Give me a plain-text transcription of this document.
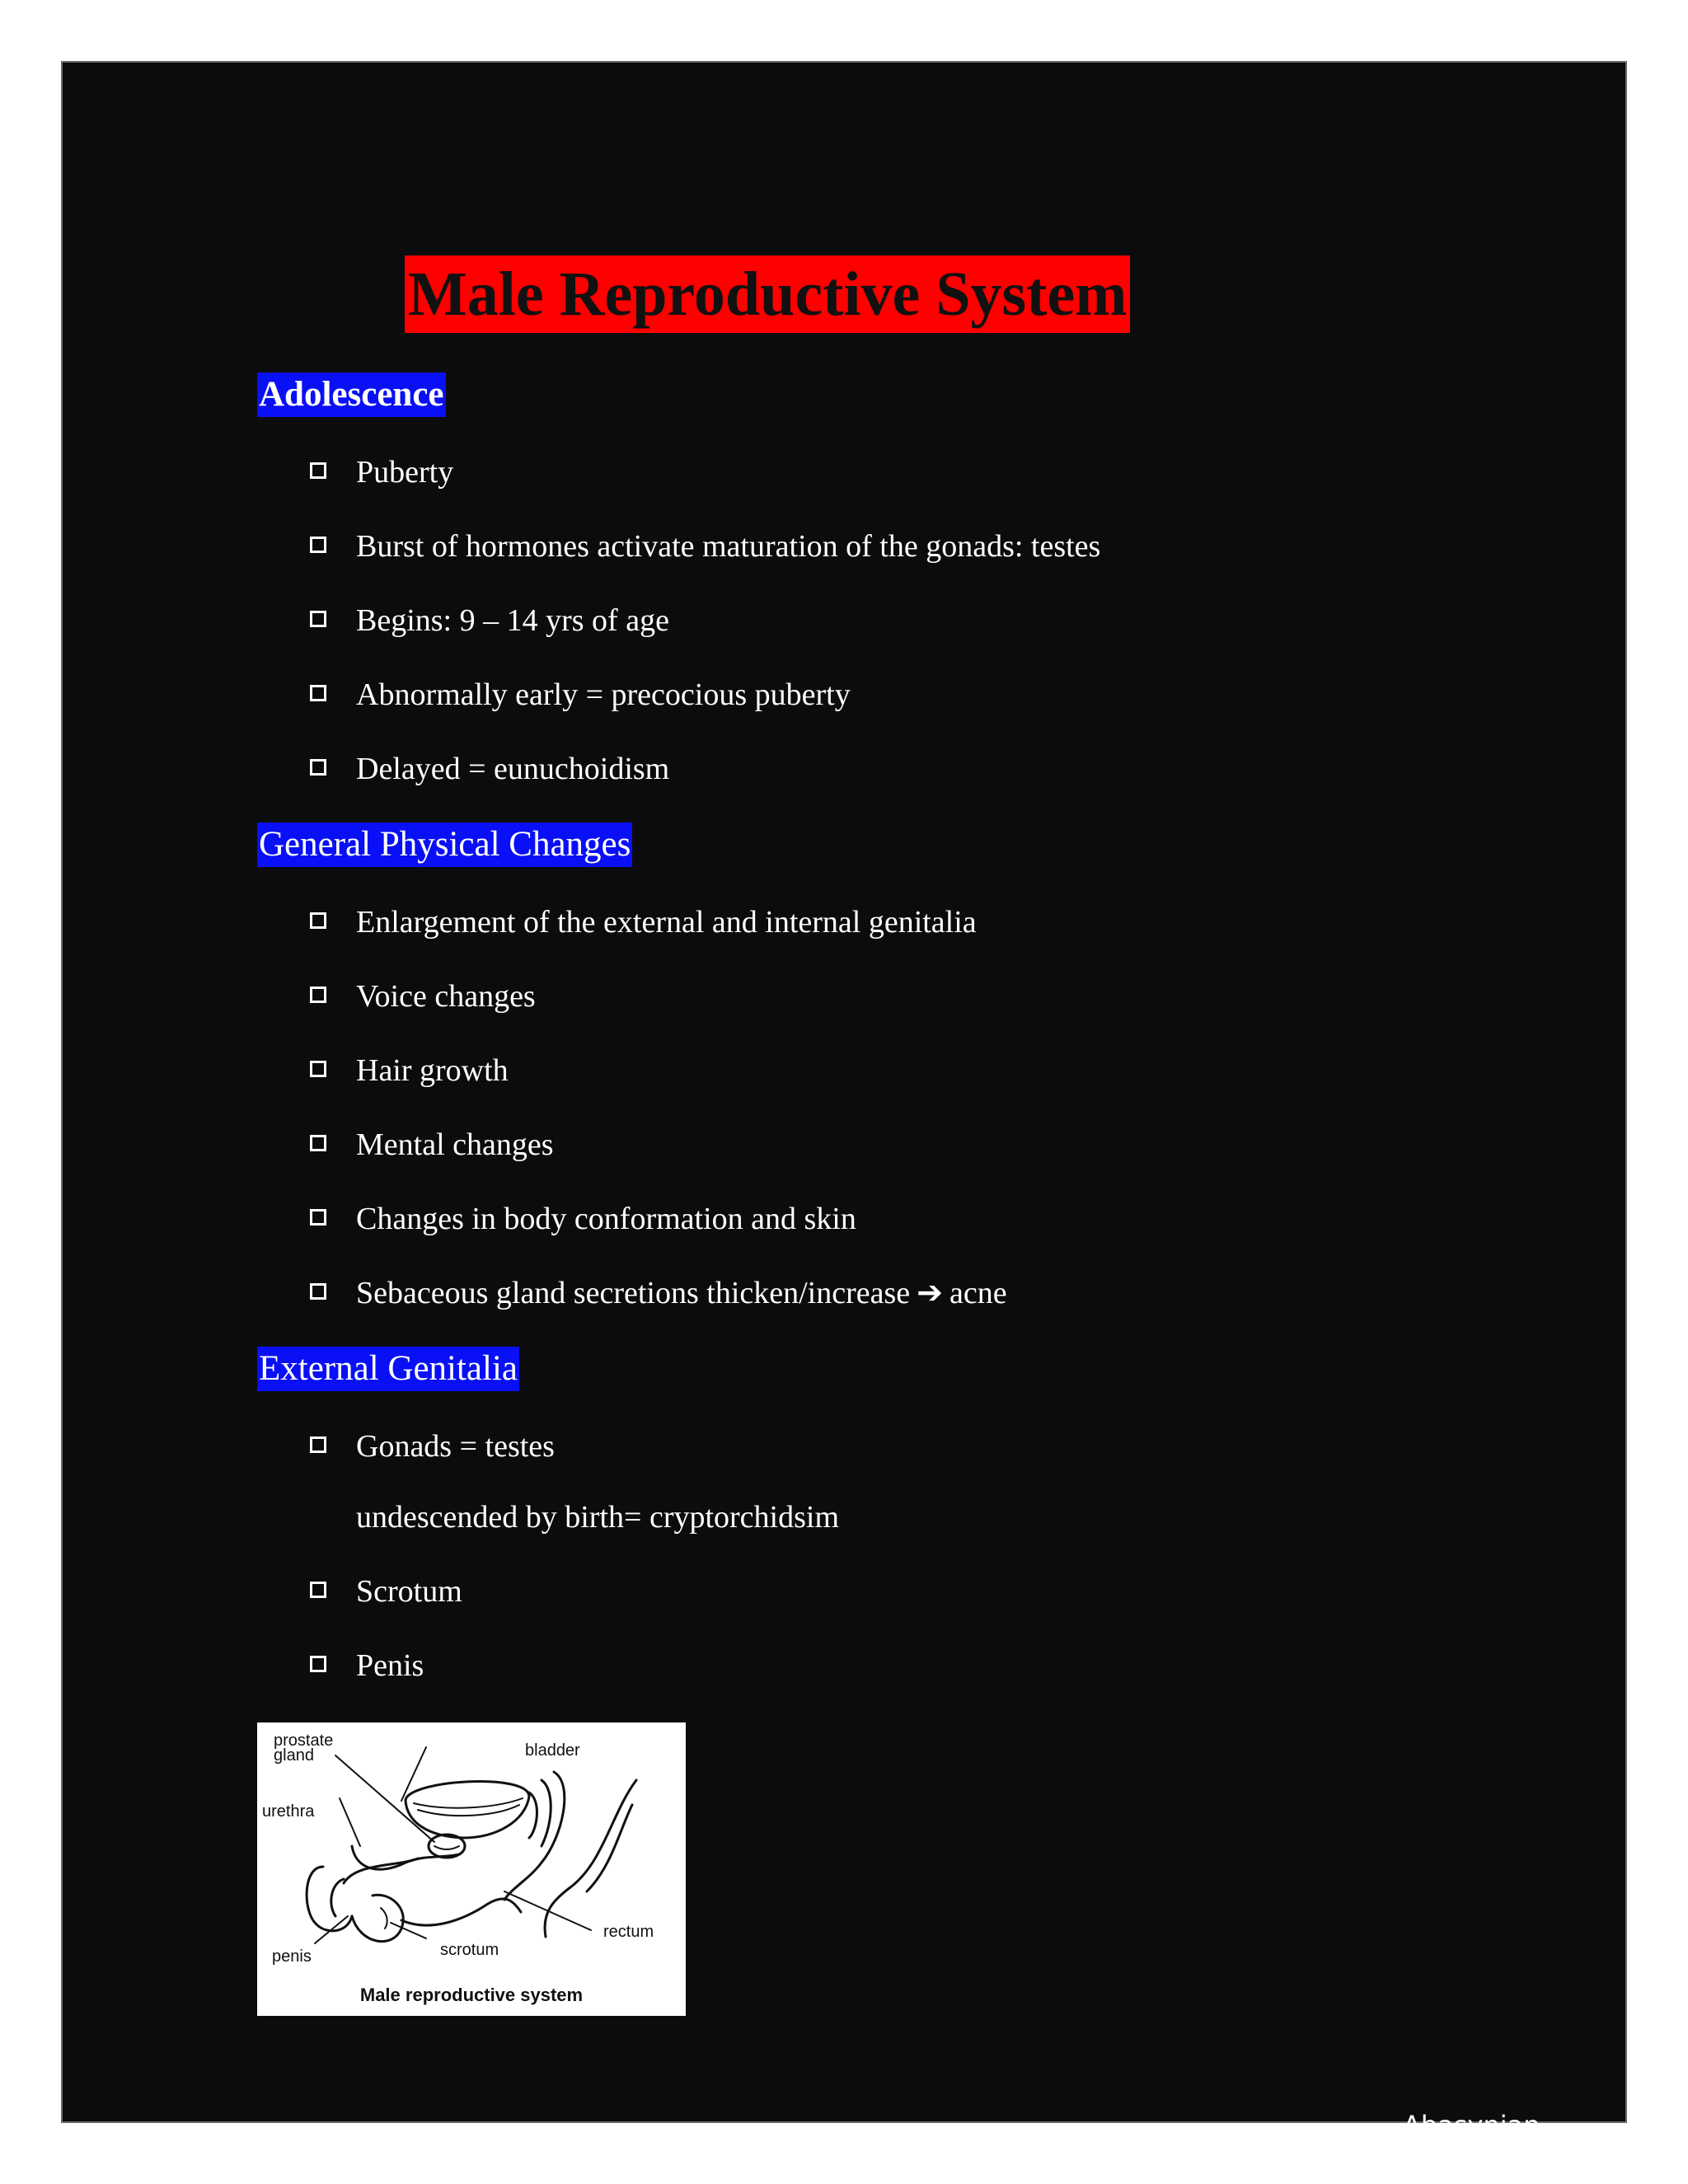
Male Reproductive System
Adolescence
Puberty
Burst of hormones activate maturation of the gonads: testes
Begins: 9 – 14 yrs of age
Abnormally early = precocious puberty
Delayed = eunuchoidism
General Physical Changes
Enlargement of the external and internal genitalia
Voice changes
Hair growth
Mental changes
Changes in body conformation and skin
Sebaceous gland secretions thicken/increase ➔ acne
External Genitalia
Gonads = testes
undescended by birth= cryptorchidsim
Scrotum
Penis
prostate
gland	bladder
urethra
rectum
penis	scrotum
Male reproductive system
Abasynian
